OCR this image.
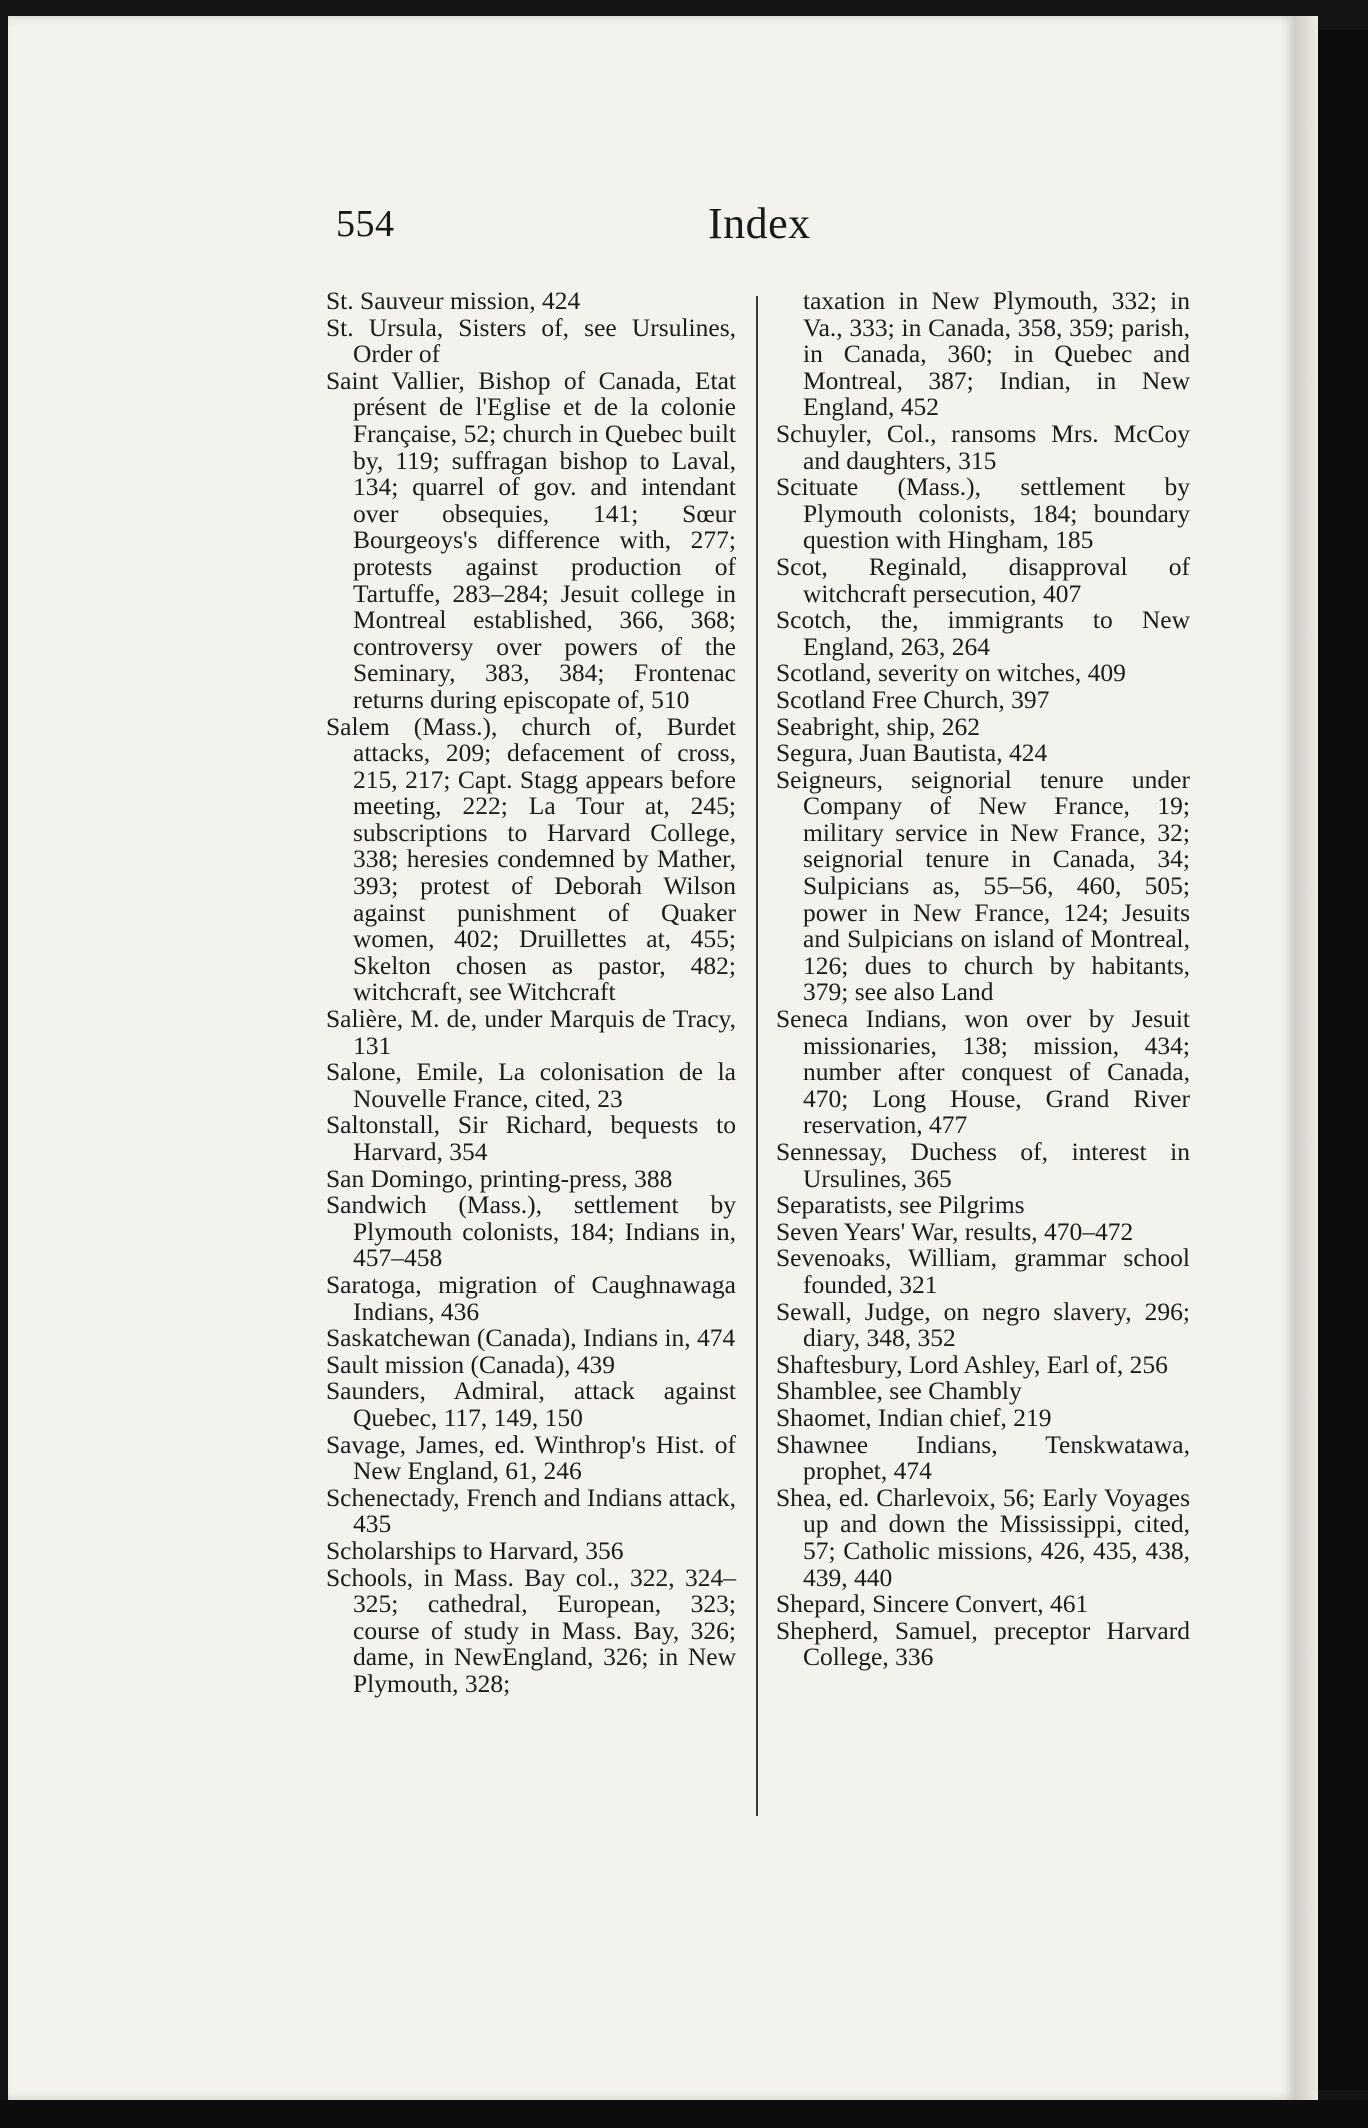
554	Index

St. Sauveur mission, 424

St. Ursula, Sisters of, see Ursulines, Order of

Saint Vallier, Bishop of Canada, Etat présent de l'Eglise et de la colonie Française, 52; church in Quebec built by, 119; suffragan bishop to Laval, 134; quarrel of gov. and intendant over obsequies, 141; Sœur Bourgeoys's difference with, 277; protests against production of Tartuffe, 283–284; Jesuit college in Montreal established, 366, 368; controversy over powers of the Seminary, 383, 384; Frontenac returns during episcopate of, 510

Salem (Mass.), church of, Burdet attacks, 209; defacement of cross, 215, 217; Capt. Stagg appears before meeting, 222; La Tour at, 245; subscriptions to Harvard College, 338; heresies condemned by Mather, 393; protest of Deborah Wilson against punishment of Quaker women, 402; Druillettes at, 455; Skelton chosen as pastor, 482; witchcraft, see Witchcraft

Salière, M. de, under Marquis de Tracy, 131

Salone, Emile, La colonisation de la Nouvelle France, cited, 23

Saltonstall, Sir Richard, bequests to Harvard, 354

San Domingo, printing-press, 388

Sandwich (Mass.), settlement by Plymouth colonists, 184; Indians in, 457–458

Saratoga, migration of Caughnawaga Indians, 436

Saskatchewan (Canada), Indians in, 474

Sault mission (Canada), 439

Saunders, Admiral, attack against Quebec, 117, 149, 150

Savage, James, ed. Winthrop's Hist. of New England, 61, 246

Schenectady, French and Indians attack, 435

Scholarships to Harvard, 356

Schools, in Mass. Bay col., 322, 324–325; cathedral, European, 323; course of study in Mass. Bay, 326; dame, in NewEngland, 326; in New Plymouth, 328;

taxation in New Plymouth, 332; in Va., 333; in Canada, 358, 359; parish, in Canada, 360; in Quebec and Montreal, 387; Indian, in New England, 452

Schuyler, Col., ransoms Mrs. McCoy and daughters, 315

Scituate (Mass.), settlement by Plymouth colonists, 184; boundary question with Hingham, 185

Scot, Reginald, disapproval of witchcraft persecution, 407

Scotch, the, immigrants to New England, 263, 264

Scotland, severity on witches, 409

Scotland Free Church, 397

Seabright, ship, 262

Segura, Juan Bautista, 424

Seigneurs, seignorial tenure under Company of New France, 19; military service in New France, 32; seignorial tenure in Canada, 34; Sulpicians as, 55–56, 460, 505; power in New France, 124; Jesuits and Sulpicians on island of Montreal, 126; dues to church by habitants, 379; see also Land

Seneca Indians, won over by Jesuit missionaries, 138; mission, 434; number after conquest of Canada, 470; Long House, Grand River reservation, 477

Sennessay, Duchess of, interest in Ursulines, 365

Separatists, see Pilgrims

Seven Years' War, results, 470–472

Sevenoaks, William, grammar school founded, 321

Sewall, Judge, on negro slavery, 296; diary, 348, 352

Shaftesbury, Lord Ashley, Earl of, 256

Shamblee, see Chambly

Shaomet, Indian chief, 219

Shawnee Indians, Tenskwatawa, prophet, 474

Shea, ed. Charlevoix, 56; Early Voyages up and down the Mississippi, cited, 57; Catholic missions, 426, 435, 438, 439, 440

Shepard, Sincere Convert, 461

Shepherd, Samuel, preceptor Harvard College, 336
